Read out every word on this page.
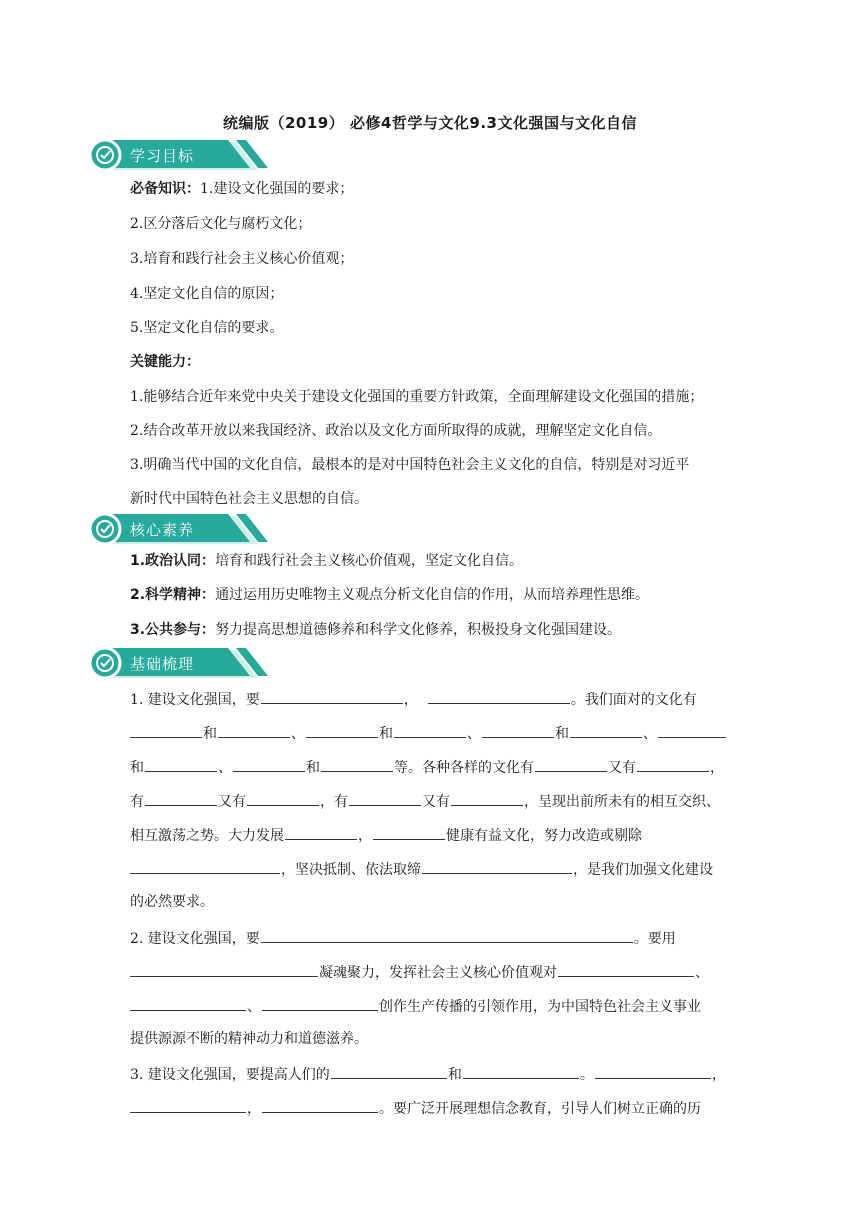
统编版（2019） 必修4哲学与文化9.3文化强国与文化自信
学习目标
必备知识：1.建设文化强国的要求；
2.区分落后文化与腐朽文化；
3.培育和践行社会主义核心价值观；
4.坚定文化自信的原因；
5.坚定文化自信的要求。
关键能力：
1.能够结合近年来党中央关于建设文化强国的重要方针政策，全面理解建设文化强国的措施；
2.结合改革开放以来我国经济、政治以及文化方面所取得的成就，理解坚定文化自信。
3.明确当代中国的文化自信，最根本的是对中国特色社会主义文化的自信，特别是对习近平
新时代中国特色社会主义思想的自信。
核心素养
1.政治认同：培育和践行社会主义核心价值观，坚定文化自信。
2.科学精神：通过运用历史唯物主义观点分析文化自信的作用，从而培养理性思维。
3.公共参与：努力提高思想道德修养和科学文化修养，积极投身文化强国建设。
基础梳理
1. 建设文化强国，要	，	。我们面对的文化有
和	、	和	、	和	、
和	、	和	等。各种各样的文化有	又有	，
有	又有	，有	又有	，呈现出前所未有的相互交织、
相互激荡之势。大力发展	，	健康有益文化，努力改造或剔除
，坚决抵制、依法取缔	，是我们加强文化建设
的必然要求。
2. 建设文化强国，要	。要用
凝魂聚力，发挥社会主义核心价值观对	、
、	创作生产传播的引领作用，为中国特色社会主义事业
提供源源不断的精神动力和道德滋养。
3. 建设文化强国，要提高人们的	和	。	，
，	。要广泛开展理想信念教育，引导人们树立正确的历
